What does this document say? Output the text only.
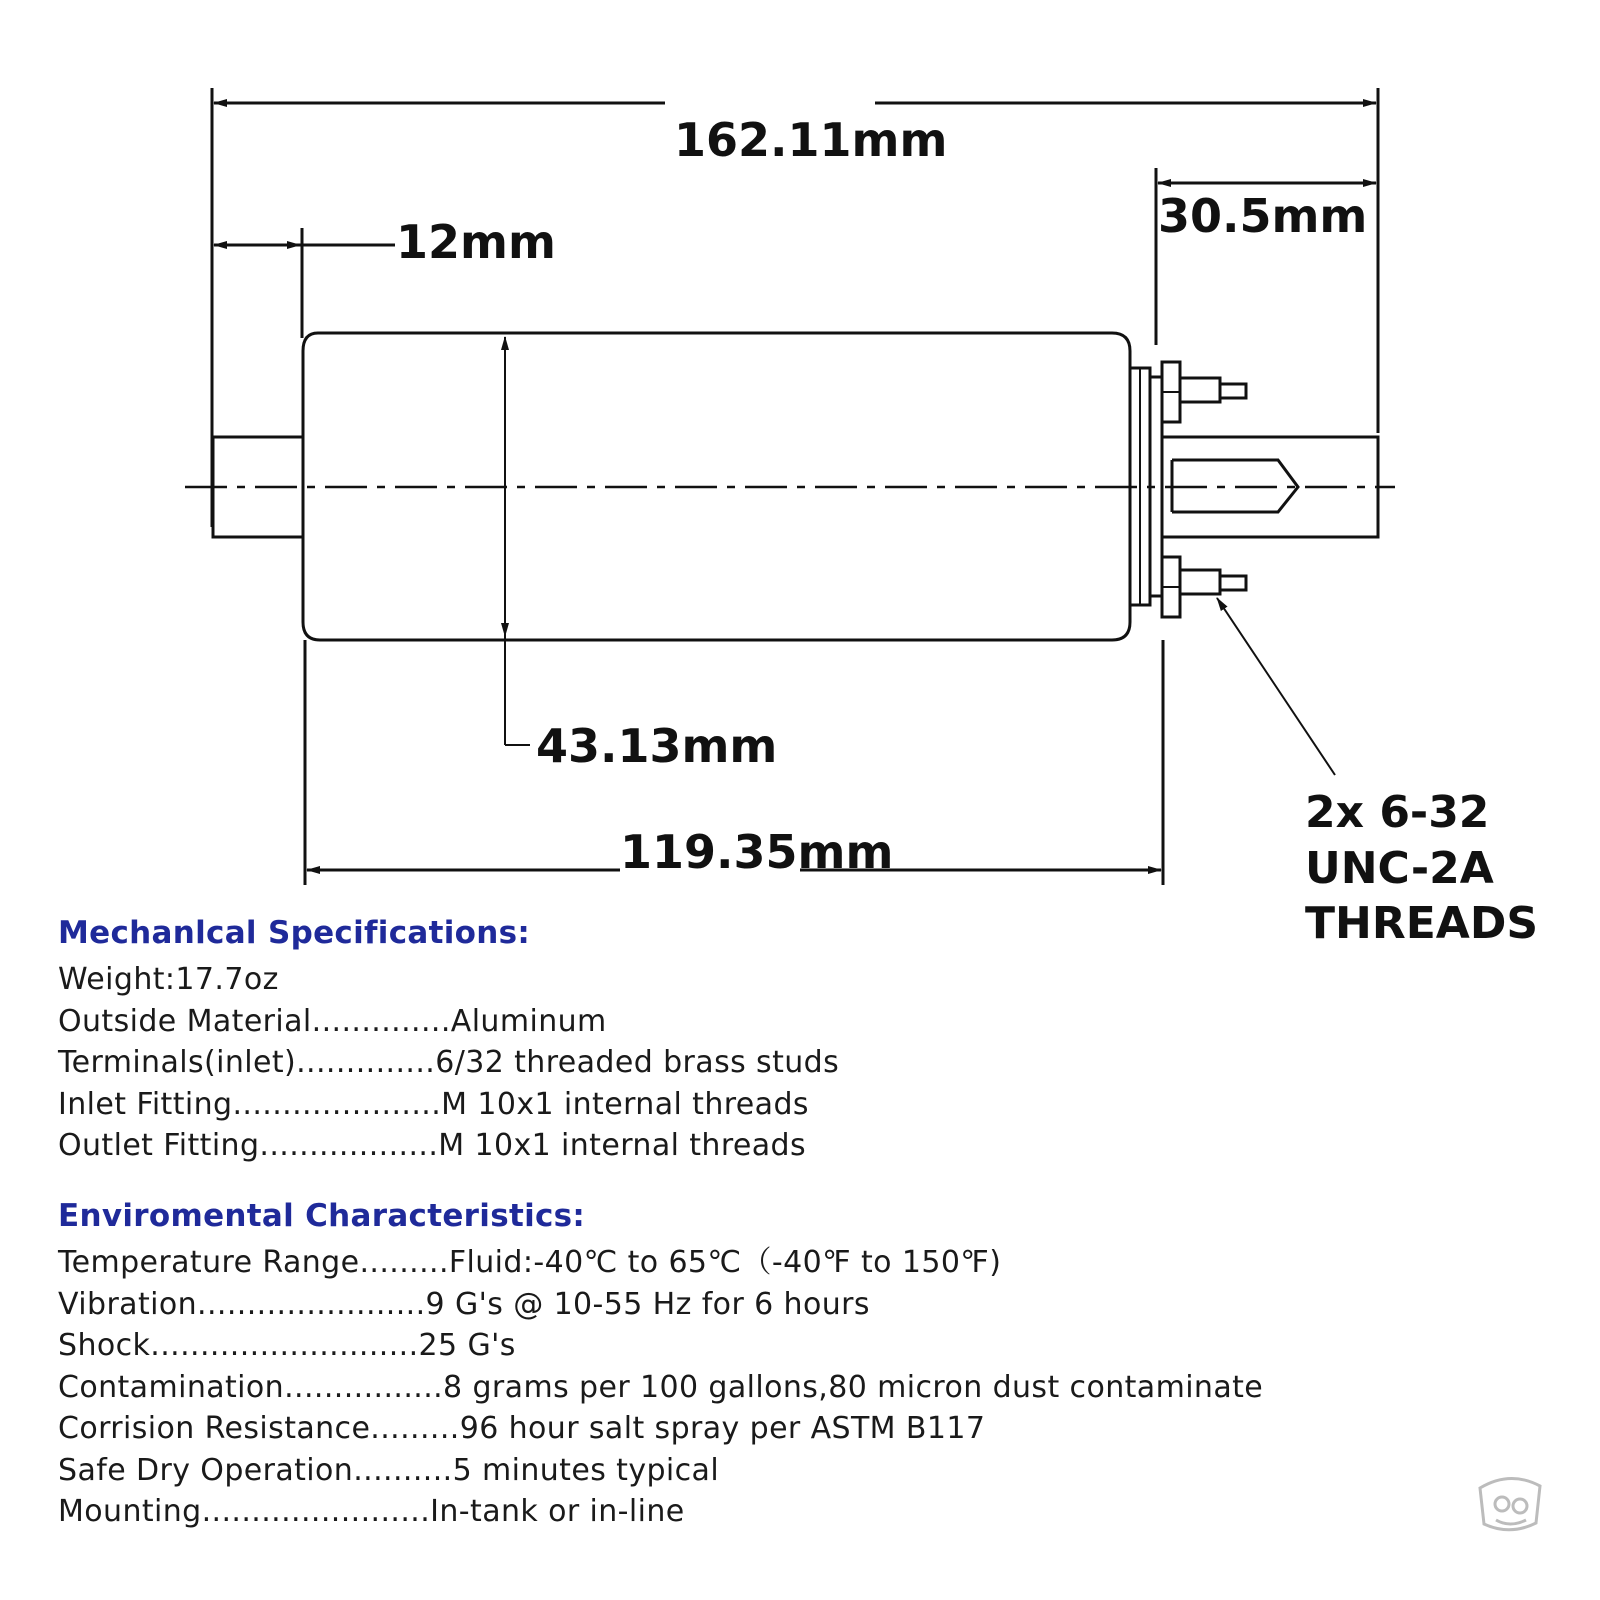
162.11mm
12mm	30.5mm
43.13mm
119.35mm
2x 6-32
UNC-2A
THREADS
Mechanlcal Specifications:
Weight:17.7oz
Outside Material..............Aluminum
Terminals(inlet)..............6/32 threaded brass studs
Inlet Fitting.....................M 10x1 internal threads
Outlet Fitting..................M 10x1 internal threads
Enviromental Characteristics:
Temperature Range.........Fluid:-40℃ to 65℃（-40℉ to 150℉)
Vibration.......................9 G's @ 10-55 Hz for 6 hours
Shock...........................25 G's
Contamination................8 grams per 100 gallons,80 micron dust contaminate
Corrision Resistance.........96 hour salt spray per ASTM B117
Safe Dry Operation..........5 minutes typical
Mounting.......................In-tank or in-line
